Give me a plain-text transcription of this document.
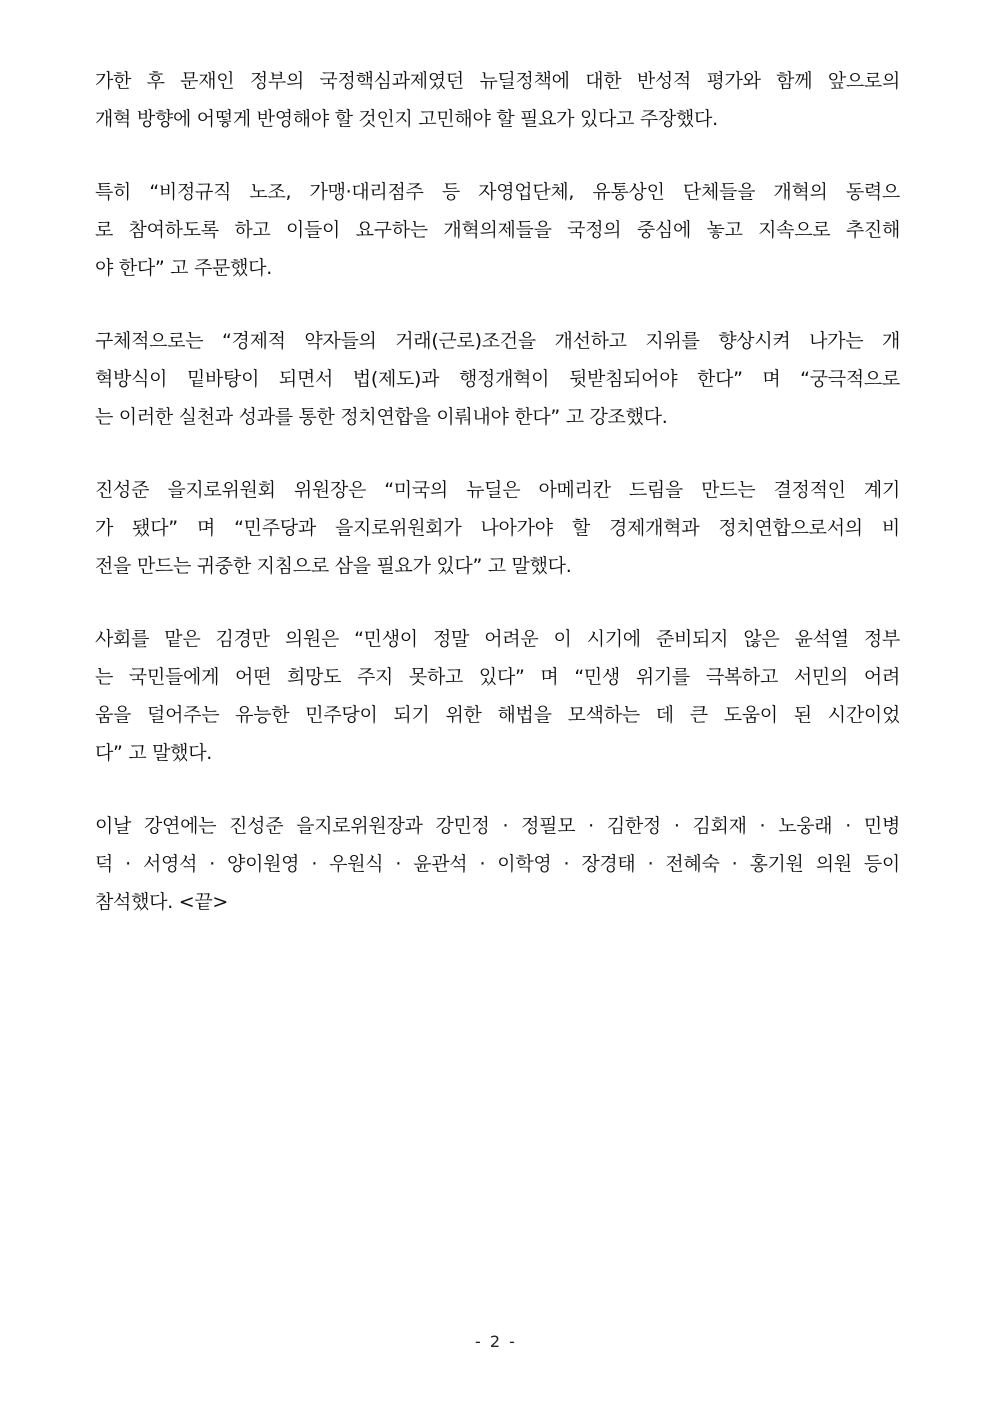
가한 후 문재인 정부의 국정핵심과제였던 뉴딜정책에 대한 반성적 평가와 함께 앞으로의
개혁 방향에 어떻게 반영해야 할 것인지 고민해야 할 필요가 있다고 주장했다.
특히 “비정규직 노조, 가맹·대리점주 등 자영업단체, 유통상인 단체들을 개혁의 동력으
로 참여하도록 하고 이들이 요구하는 개혁의제들을 국정의 중심에 놓고 지속으로 추진해
야 한다” 고 주문했다.
구체적으로는 “경제적 약자들의 거래(근로)조건을 개선하고 지위를 향상시켜 나가는 개
혁방식이 밑바탕이 되면서 법(제도)과 행정개혁이 뒷받침되어야 한다” 며 “궁극적으로
는 이러한 실천과 성과를 통한 정치연합을 이뤄내야 한다” 고 강조했다.
진성준 을지로위원회 위원장은 “미국의 뉴딜은 아메리칸 드림을 만드는 결정적인 계기
가 됐다” 며 “민주당과 을지로위원회가 나아가야 할 경제개혁과 정치연합으로서의 비
전을 만드는 귀중한 지침으로 삼을 필요가 있다” 고 말했다.
사회를 맡은 김경만 의원은 “민생이 정말 어려운 이 시기에 준비되지 않은 윤석열 정부
는 국민들에게 어떤 희망도 주지 못하고 있다” 며 “민생 위기를 극복하고 서민의 어려
움을 덜어주는 유능한 민주당이 되기 위한 해법을 모색하는 데 큰 도움이 된 시간이었
다” 고 말했다.
이날 강연에는 진성준 을지로위원장과 강민정 · 정필모 · 김한정 · 김회재 · 노웅래 · 민병
덕 · 서영석 · 양이원영 · 우원식 · 윤관석 · 이학영 · 장경태 · 전혜숙 · 홍기원 의원 등이
참석했다. <끝>
- 2 -
